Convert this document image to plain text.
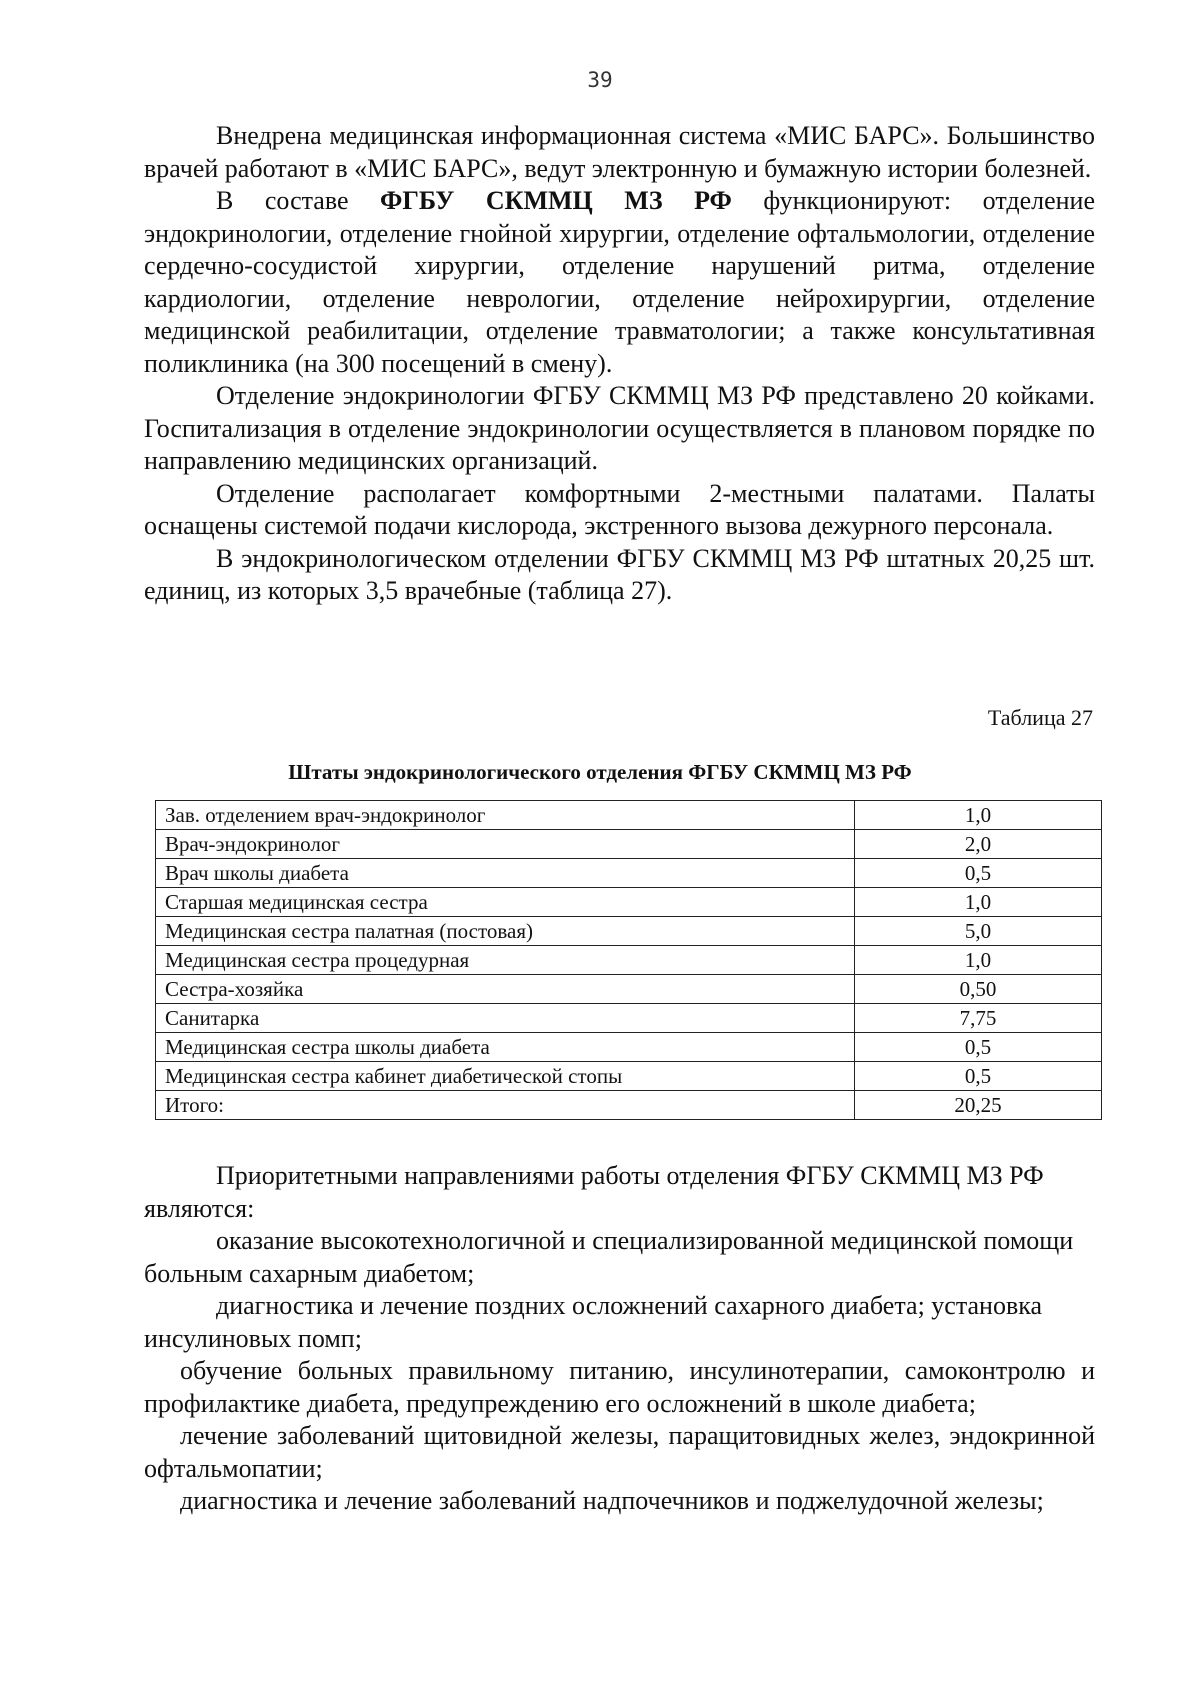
39

Внедрена медицинская информационная система «МИС БАРС». Большинство врачей работают в «МИС БАРС», ведут электронную и бумажную истории болезней.

В составе ФГБУ СКММЦ МЗ РФ функционируют: отделение эндокринологии, отделение гнойной хирургии, отделение офтальмологии, отделение сердечно-сосудистой хирургии, отделение нарушений ритма, отделение кардиологии, отделение неврологии, отделение нейрохирургии, отделение медицинской реабилитации, отделение травматологии; а также консультативная поликлиника (на 300 посещений в смену).

Отделение эндокринологии ФГБУ СКММЦ МЗ РФ представлено 20 койками. Госпитализация в отделение эндокринологии осуществляется в плановом порядке по направлению медицинских организаций.

Отделение располагает комфортными 2-местными палатами. Палаты оснащены системой подачи кислорода, экстренного вызова дежурного персонала.

В эндокринологическом отделении ФГБУ СКММЦ МЗ РФ штатных 20,25 шт. единиц, из которых 3,5 врачебные (таблица 27).

Таблица 27
Штаты эндокринологического отделения ФГБУ СКММЦ МЗ РФ
Зав. отделением врач-эндокринолог	1,0
Врач-эндокринолог	2,0
Врач школы диабета	0,5
Старшая медицинская сестра	1,0
Медицинская сестра палатная (постовая)	5,0
Медицинская сестра процедурная	1,0
Сестра-хозяйка	0,50
Санитарка	7,75
Медицинская сестра школы диабета	0,5
Медицинская сестра кабинет диабетической стопы	0,5
Итого:	20,25

Приоритетными направлениями работы отделения ФГБУ СКММЦ МЗ РФ являются:

оказание высокотехнологичной и специализированной медицинской помощи больным сахарным диабетом;

диагностика и лечение поздних осложнений сахарного диабета; установка инсулиновых помп;

обучение больных правильному питанию, инсулинотерапии, самоконтролю и профилактике диабета, предупреждению его осложнений в школе диабета;

лечение заболеваний щитовидной железы, паращитовидных желез, эндокринной офтальмопатии;

диагностика и лечение заболеваний надпочечников и поджелудочной железы;
